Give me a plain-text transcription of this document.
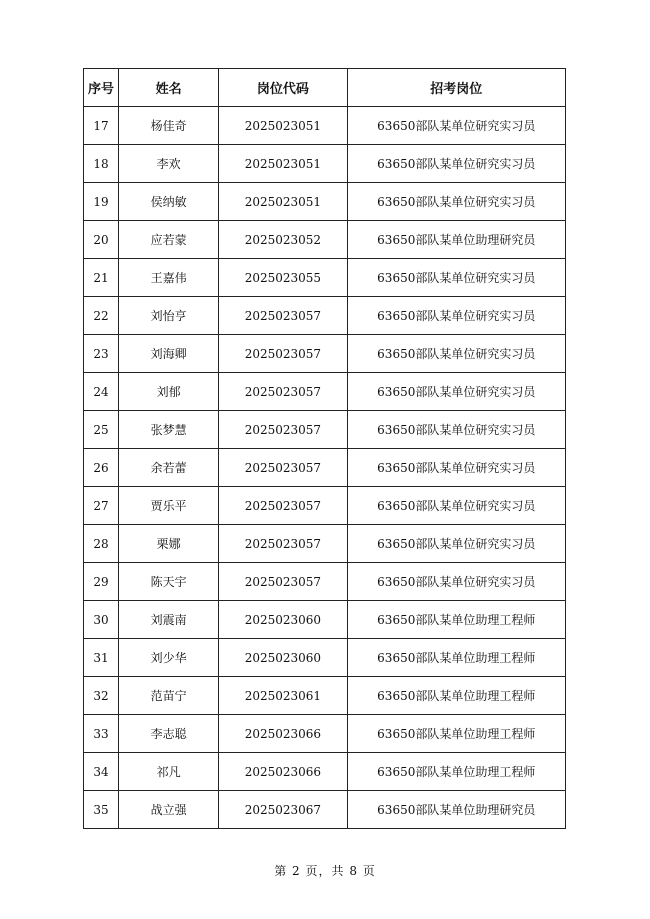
序号	姓名	岗位代码	招考岗位
17	杨佳奇	2025023051	63650部队某单位研究实习员
18	李欢	2025023051	63650部队某单位研究实习员
19	侯纳敏	2025023051	63650部队某单位研究实习员
20	应若蒙	2025023052	63650部队某单位助理研究员
21	王嘉伟	2025023055	63650部队某单位研究实习员
22	刘怡亨	2025023057	63650部队某单位研究实习员
23	刘海卿	2025023057	63650部队某单位研究实习员
24	刘郁	2025023057	63650部队某单位研究实习员
25	张梦慧	2025023057	63650部队某单位研究实习员
26	余若蕾	2025023057	63650部队某单位研究实习员
27	贾乐平	2025023057	63650部队某单位研究实习员
28	栗娜	2025023057	63650部队某单位研究实习员
29	陈天宇	2025023057	63650部队某单位研究实习员
30	刘震南	2025023060	63650部队某单位助理工程师
31	刘少华	2025023060	63650部队某单位助理工程师
32	范苗宁	2025023061	63650部队某单位助理工程师
33	李志聪	2025023066	63650部队某单位助理工程师
34	祁凡	2025023066	63650部队某单位助理工程师
35	战立强	2025023067	63650部队某单位助理研究员
第 2 页，共 8 页
